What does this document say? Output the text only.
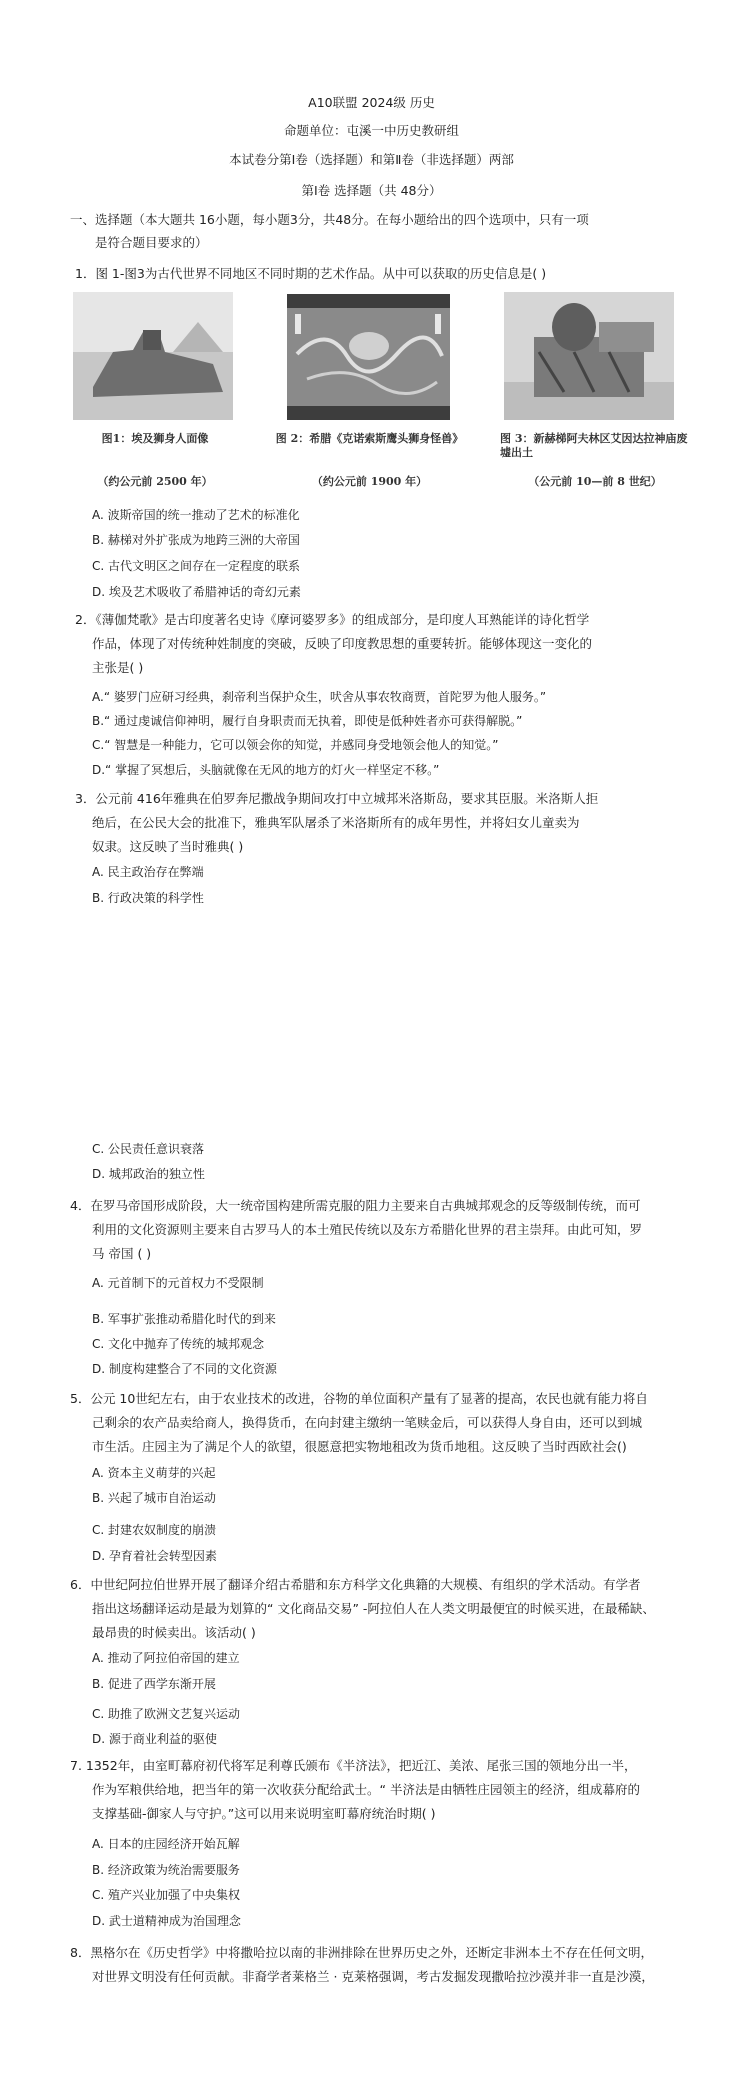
A10联盟 2024级 历史
命题单位：屯溪一中历史教研组
本试卷分第Ⅰ卷（选择题）和第Ⅱ卷（非选择题）两部
第Ⅰ卷 选择题（共 48分）
一、选择题（本大题共 16小题，每小题3分，共48分。在每小题给出的四个选项中，只有一项
是符合题目要求的）
1．图 1-图3为古代世界不同地区不同时期的艺术作品。从中可以获取的历史信息是( )
图1：埃及狮身人面像
（约公元前 2500 年）
图 2：希腊《克诺索斯鹰头狮身怪兽》
（约公元前 1900 年）
图 3：新赫梯阿夫林区艾因达拉神庙废墟出土
（公元前 10—前 8 世纪）
A. 波斯帝国的统一推动了艺术的标准化
B. 赫梯对外扩张成为地跨三洲的大帝国
C. 古代文明区之间存在一定程度的联系
D. 埃及艺术吸收了希腊神话的奇幻元素
2．《薄伽梵歌》是古印度著名史诗《摩诃婆罗多》的组成部分，是印度人耳熟能详的诗化哲学
作品，体现了对传统种姓制度的突破，反映了印度教思想的重要转折。能够体现这一变化的
主张是( )
A.“ 婆罗门应研习经典，刹帝利当保护众生，吠舍从事农牧商贾，首陀罗为他人服务。”
B.“ 通过虔诚信仰神明，履行自身职责而无执着，即使是低种姓者亦可获得解脱。”
C.“ 智慧是一种能力，它可以领会你的知觉，并感同身受地领会他人的知觉。”
D.“ 掌握了冥想后，头脑就像在无风的地方的灯火一样坚定不移。”
3．公元前 416年雅典在伯罗奔尼撒战争期间攻打中立城邦米洛斯岛，要求其臣服。米洛斯人拒
绝后，在公民大会的批准下，雅典军队屠杀了米洛斯所有的成年男性，并将妇女儿童卖为
奴隶。这反映了当时雅典( )
A. 民主政治存在弊端
B. 行政决策的科学性
C. 公民责任意识衰落
D. 城邦政治的独立性
4．在罗马帝国形成阶段，大一统帝国构建所需克服的阻力主要来自古典城邦观念的反等级制传统，而可
利用的文化资源则主要来自古罗马人的本土殖民传统以及东方希腊化世界的君主崇拜。由此可知，罗
马 帝国 ( )
A. 元首制下的元首权力不受限制
B. 军事扩张推动希腊化时代的到来
C. 文化中抛弃了传统的城邦观念
D. 制度构建整合了不同的文化资源
5．公元 10世纪左右，由于农业技术的改进，谷物的单位面积产量有了显著的提高，农民也就有能力将自
己剩余的农产品卖给商人，换得货币，在向封建主缴纳一笔赎金后，可以获得人身自由，还可以到城
市生活。庄园主为了满足个人的欲望，很愿意把实物地租改为货币地租。这反映了当时西欧社会()
A. 资本主义萌芽的兴起
B. 兴起了城市自治运动
C. 封建农奴制度的崩溃
D. 孕育着社会转型因素
6．中世纪阿拉伯世界开展了翻译介绍古希腊和东方科学文化典籍的大规模、有组织的学术活动。有学者
指出这场翻译运动是最为划算的“ 文化商品交易” -阿拉伯人在人类文明最便宜的时候买进，在最稀缺、
最昂贵的时候卖出。该活动( )
A. 推动了阿拉伯帝国的建立
B. 促进了西学东渐开展
C. 助推了欧洲文艺复兴运动
D. 源于商业利益的驱使
7. 1352年，由室町幕府初代将军足利尊氏颁布《半济法》，把近江、美浓、尾张三国的领地分出一半，
作为军粮供给地，把当年的第一次收获分配给武士。“ 半济法是由牺牲庄园领主的经济，组成幕府的
支撑基础-御家人与守护。”这可以用来说明室町幕府统治时期( )
A. 日本的庄园经济开始瓦解
B. 经济政策为统治需要服务
C. 殖产兴业加强了中央集权
D. 武士道精神成为治国理念
8．黑格尔在《历史哲学》中将撒哈拉以南的非洲排除在世界历史之外，还断定非洲本土不存在任何文明，
对世界文明没有任何贡献。非裔学者莱格兰 · 克莱格强调，考古发掘发现撒哈拉沙漠并非一直是沙漠，
